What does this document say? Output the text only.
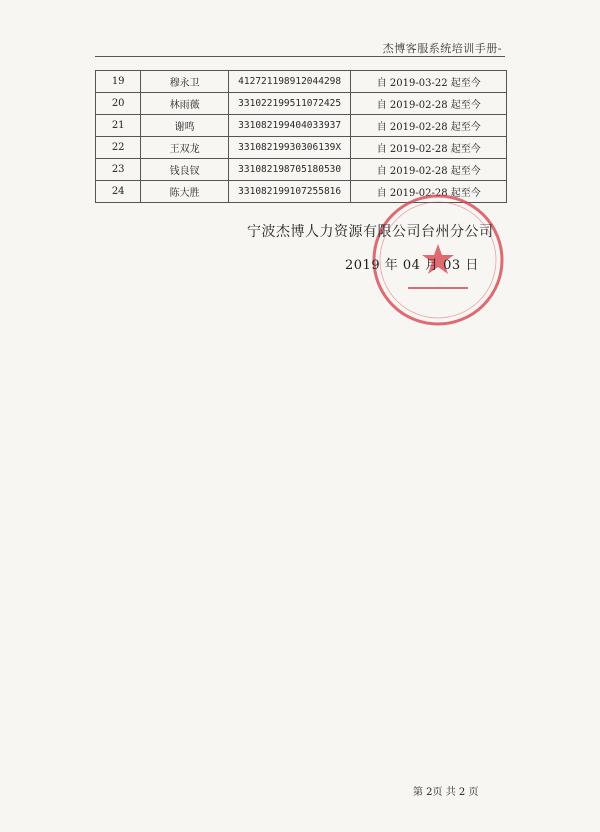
杰博客服系统培训手册-
19	穆永卫	412721198912044298	自 2019-03-22 起至今
20	林雨薇	331022199511072425	自 2019-02-28 起至今
21	谢鸣	331082199404033937	自 2019-02-28 起至今
22	王双龙	33108219930306139X	自 2019-02-28 起至今
23	钱良钗	331082198705180530	自 2019-02-28 起至今
24	陈大胜	331082199107255816	自 2019-02-28 起至今
宁波杰博人力资源有限公司台州分公司
2019 年 04 月 03 日
第 2页 共 2 页
